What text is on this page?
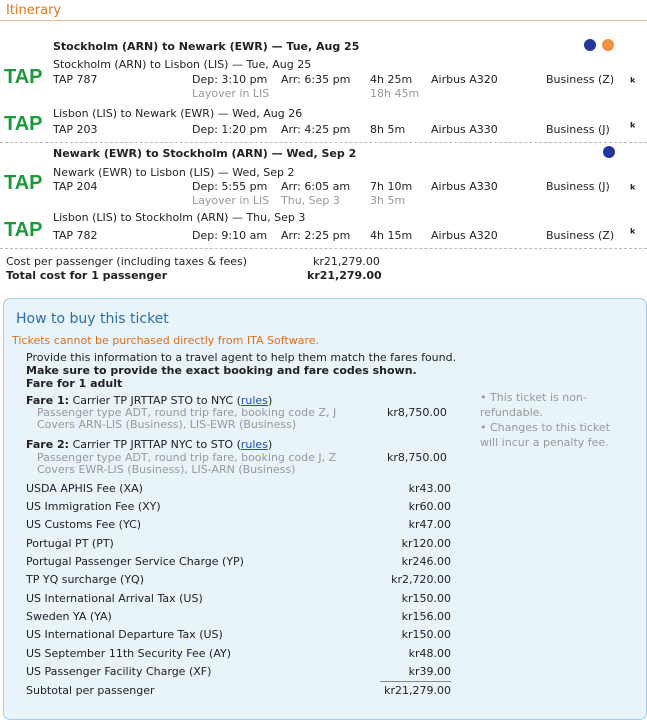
Itinerary
Stockholm (ARN) to Newark (EWR) — Tue, Aug 25
TAP
Stockholm (ARN) to Lisbon (LIS) — Tue, Aug 25
TAP 787	Dep: 3:10 pm Arr: 6:35 pm 4h 25m Airbus A320	Business (Z) ᵏ
Layover in LIS	18h 45m
TAP Lisbon (LIS) to Newark (EWR) — Wed, Aug 26
TAP 203	Dep: 1:20 pm Arr: 4:25 pm 8h 5m Airbus A330	Business (J) ᵏ
Newark (EWR) to Stockholm (ARN) — Wed, Sep 2
TAP Newark (EWR) to Lisbon (LIS) — Wed, Sep 2
TAP 204	Dep: 5:55 pm Arr: 6:05 am 7h 10m Airbus A330	Business (J) ᵏ
Layover in LIS Thu, Sep 3	3h 5m
TAP
Lisbon (LIS) to Stockholm (ARN) — Thu, Sep 3
TAP 782	Dep: 9:10 am Arr: 2:25 pm 4h 15m Airbus A320	Business (Z) ᵏ
Cost per passenger (including taxes & fees)	kr21,279.00
Total cost for 1 passenger	kr21,279.00
How to buy this ticket
Tickets cannot be purchased directly from ITA Software.
Provide this information to a travel agent to help them match the fares found.
Make sure to provide the exact booking and fare codes shown.
Fare for 1 adult
Fare 1: Carrier TP JRTTAP STO to NYC (rules)
Passenger type ADT, round trip fare, booking code Z, J
Covers ARN-LIS (Business), LIS-EWR (Business)
kr8,750.00
Fare 2: Carrier TP JRTTAP NYC to STO (rules)
Passenger type ADT, round trip fare, booking code J, Z
Covers EWR-LIS (Business), LIS-ARN (Business)
kr8,750.00
• This ticket is non-refundable.
• Changes to this ticket will incur a penalty fee.
USDA APHIS Fee (XA)	kr43.00
US Immigration Fee (XY)	kr60.00
US Customs Fee (YC)	kr47.00
Portugal PT (PT)	kr120.00
Portugal Passenger Service Charge (YP)	kr246.00
TP YQ surcharge (YQ)	kr2,720.00
US International Arrival Tax (US)	kr150.00
Sweden YA (YA)	kr156.00
US International Departure Tax (US)	kr150.00
US September 11th Security Fee (AY)	kr48.00
US Passenger Facility Charge (XF)	kr39.00
Subtotal per passenger	kr21,279.00
